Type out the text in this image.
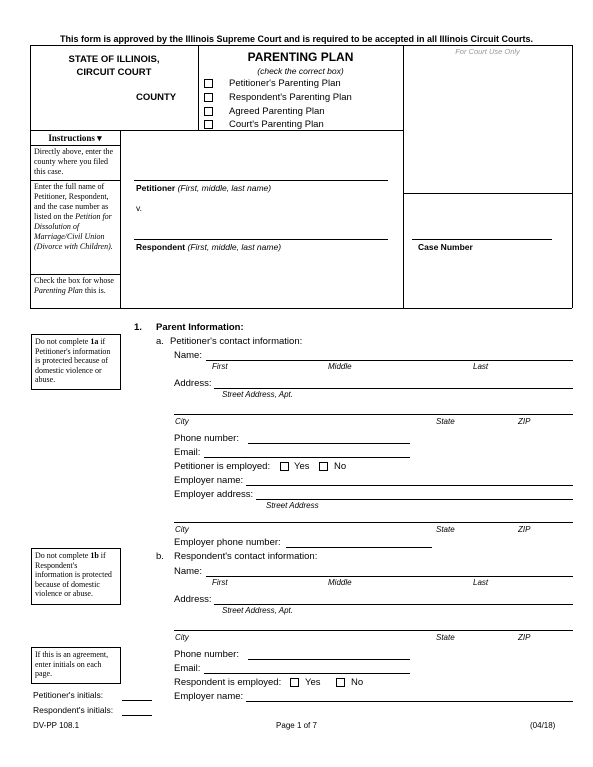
This form is approved by the Illinois Supreme Court and is required to be accepted in all Illinois Circuit Courts.
STATE OF ILLINOIS,
CIRCUIT COURT
COUNTY
PARENTING PLAN
(check the correct box)
Petitioner's Parenting Plan
Respondent's Parenting Plan
Agreed Parenting Plan
Court's Parenting Plan
For Court Use Only
Instructions ▾
Directly above, enter the county where you filed this case.
Enter the full name of Petitioner, Respondent, and the case number as listed on the Petition for Dissolution of Marriage/Civil Union (Divorce with Children).
Check the box for whose Parenting Plan this is.
Petitioner (First, middle, last name)
v.
Respondent (First, middle, last name)	Case Number
1. Parent Information:
a. Petitioner's contact information:
Do not complete 1a if Petitioner's information is protected because of domestic violence or abuse.
Name:
First	Middle	Last
Address:
Street Address, Apt.
City	State	ZIP
Phone number:
Email:
Petitioner is employed:	Yes	No
Employer name:
Employer address:
Street Address
City	State	ZIP
Employer phone number:
b. Respondent's contact information:
Do not complete 1b if Respondent's information is protected because of domestic violence or abuse.
Name:
First	Middle	Last
Address:
Street Address, Apt.
City	State	ZIP
Phone number:
Email:
Respondent is employed:	Yes	No
Employer name:
If this is an agreement, enter initials on each page.
Petitioner's initials:
Respondent's initials:
DV-PP 108.1	Page 1 of 7	(04/18)
